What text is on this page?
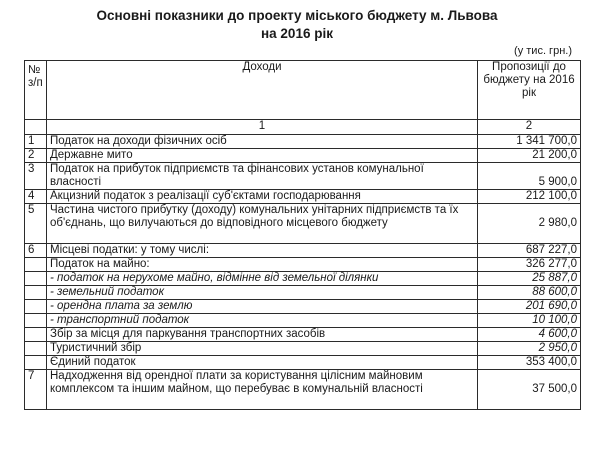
Основні показники до проекту міського бюджету м. Львова
на 2016 рік
(у тис. грн.)
№ з/п	Доходи	Пропозиції до бюджету на 2016 рік
	1	2
1	Податок на доходи фізичних осіб	1 341 700,0
2	Державне мито	21 200,0
3	Податок на прибуток підприємств та фінансових установ комунальної власності	5 900,0
4	Акцизний податок з реалізації суб'єктами господарювання	212 100,0
5	Частина чистого прибутку (доходу) комунальних унітарних підприємств та їх об'єднань, що вилучаються до відповідного місцевого бюджету	2 980,0
6	Місцеві податки: у тому числі:	687 227,0
	Податок на майно:	326 277,0
	- податок на нерухоме майно, відмінне від земельної ділянки	25 887,0
	- земельний податок	88 600,0
	- орендна плата за землю	201 690,0
	- транспортний податок	10 100,0
	Збір за місця для паркування транспортних засобів	4 600,0
	Туристичний збір	2 950,0
	Єдиний податок	353 400,0
7	Надходження від орендної плати за користування цілісним майновим комплексом та іншим майном, що перебуває в комунальній власності	37 500,0
